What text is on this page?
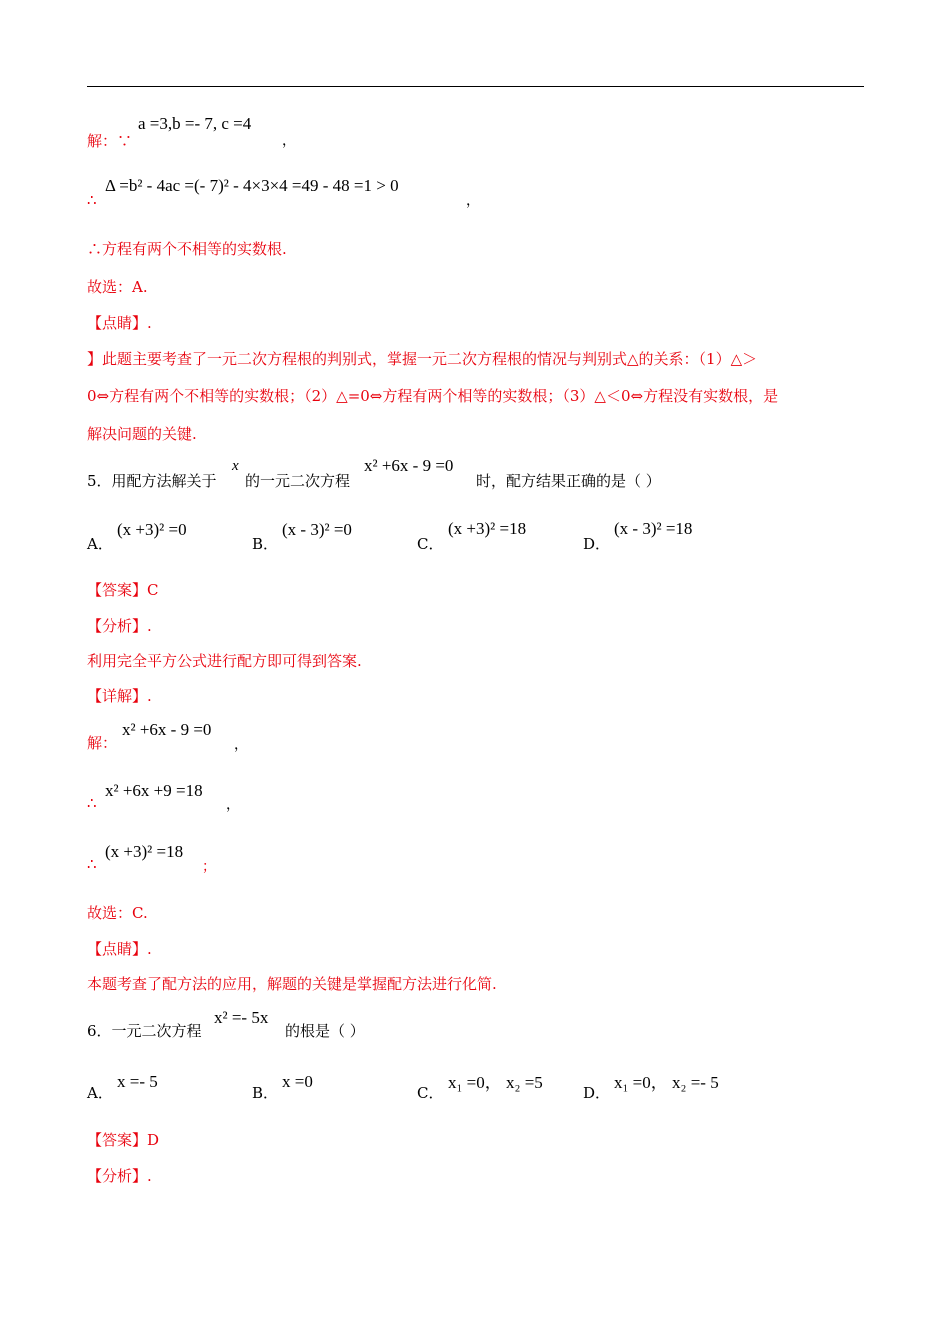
解：∵
a =3,b =- 7, c =4
，
∴
Δ =b² - 4ac =(- 7)² - 4×3×4 =49 - 48 =1 > 0
，
∴方程有两个不相等的实数根.
故选：A.
【点睛】.
】此题主要考查了一元二次方程根的判别式，掌握一元二次方程根的情况与判别式△的关系：（1）△＞
0⇔方程有两个不相等的实数根；（2）△=0⇔方程有两个相等的实数根；（3）△＜0⇔方程没有实数根，是
解决问题的关键.
5．用配方法解关于
x
的一元二次方程
x² +6x - 9 =0
时，配方结果正确的是（ ）
A．
(x +3)² =0
B．
(x - 3)² =0
C．
(x +3)² =18
D．
(x - 3)² =18
【答案】C
【分析】.
利用完全平方公式进行配方即可得到答案.
【详解】.
解：
x² +6x - 9 =0
，
∴
x² +6x +9 =18
，
∴
(x +3)² =18
；
故选：C.
【点睛】.
本题考查了配方法的应用，解题的关键是掌握配方法进行化简.
6．一元二次方程
x² =- 5x
的根是（ ）
A．
x =- 5
B．
x =0
C．
x₁ =0， x₂ =5
D．
x₁ =0， x₂ =- 5
【答案】D
【分析】.
